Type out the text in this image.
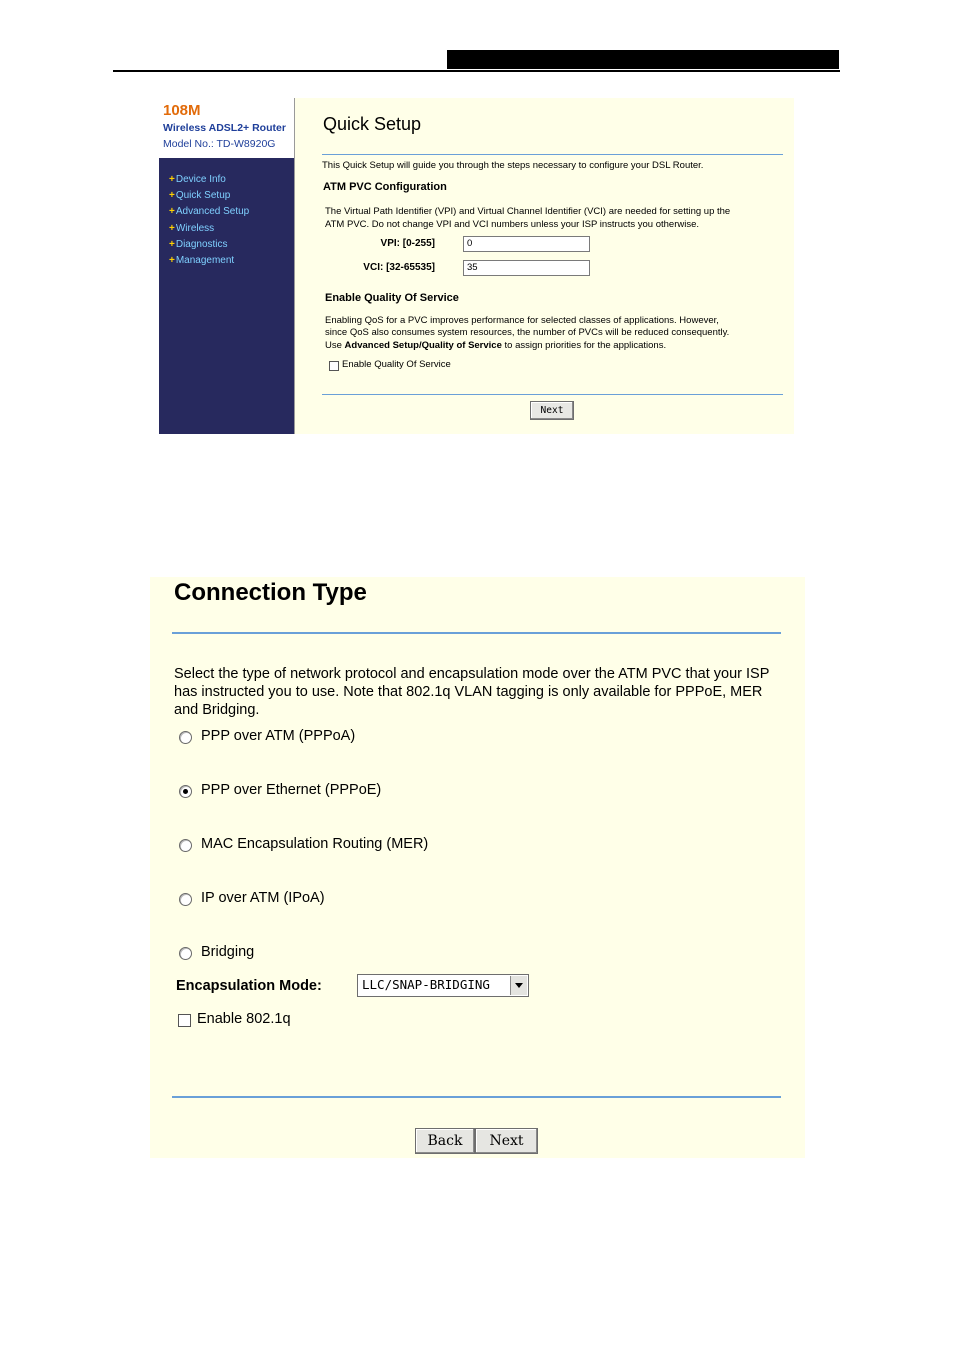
108M
Wireless ADSL2+ Router
Model No.: TD-W8920G
+Device Info
+Quick Setup
+Advanced Setup
+Wireless
+Diagnostics
+Management
Quick Setup
This Quick Setup will guide you through the steps necessary to configure your DSL Router.
ATM PVC Configuration
The Virtual Path Identifier (VPI) and Virtual Channel Identifier (VCI) are needed for setting up the
ATM PVC. Do not change VPI and VCI numbers unless your ISP instructs you otherwise.
VPI: [0-255]	0
VCI: [32-65535]	35
Enable Quality Of Service
Enabling QoS for a PVC improves performance for selected classes of applications. However,
since QoS also consumes system resources, the number of PVCs will be reduced consequently.
Use Advanced Setup/Quality of Service to assign priorities for the applications.
Enable Quality Of Service
Next
Connection Type
Select the type of network protocol and encapsulation mode over the ATM PVC that your ISP has instructed you to use. Note that 802.1q VLAN tagging is only available for PPPoE, MER and Bridging.
PPP over ATM (PPPoA)
PPP over Ethernet (PPPoE)
MAC Encapsulation Routing (MER)
IP over ATM (IPoA)
Bridging
Encapsulation Mode:	LLC/SNAP-BRIDGING
Enable 802.1q
Back	Next
